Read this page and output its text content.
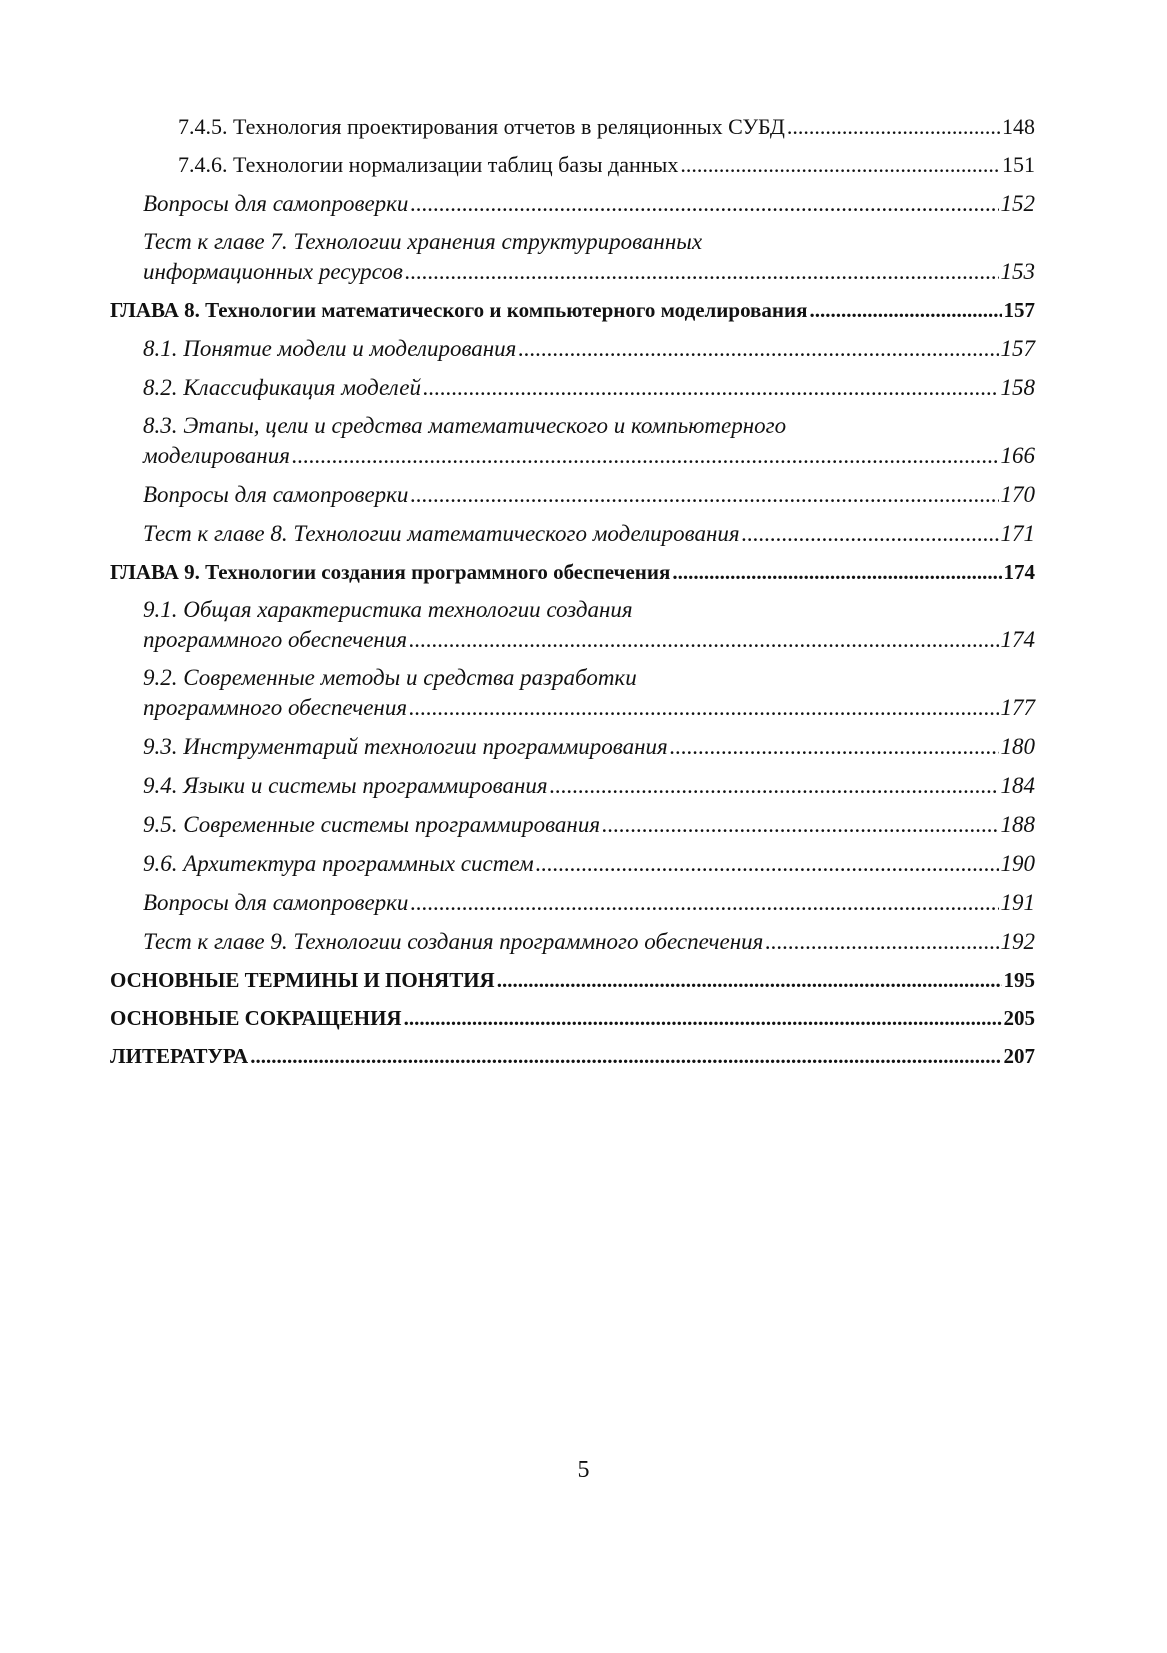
7.4.5. Технология проектирования отчетов в реляционных СУБД .....	148
7.4.6. Технологии нормализации таблиц базы данных .....	151
Вопросы для самопроверки .....	152
Тест к главе 7. Технологии хранения структурированных
информационных ресурсов .....	153
ГЛАВА 8. Технологии математического и компьютерного моделирования .....	157
8.1. Понятие модели и моделирования .....	157
8.2. Классификация моделей .....	158
8.3. Этапы, цели и средства математического и компьютерного
моделирования .....	166
Вопросы для самопроверки .....	170
Тест к главе 8. Технологии математического моделирования .....	171
ГЛАВА 9. Технологии создания программного обеспечения .....	174
9.1. Общая характеристика технологии создания
программного обеспечения .....	174
9.2. Современные методы и средства разработки
программного обеспечения .....	177
9.3. Инструментарий технологии программирования .....	180
9.4. Языки и системы программирования .....	184
9.5. Современные системы программирования .....	188
9.6. Архитектура программных систем .....	190
Вопросы для самопроверки .....	191
Тест к главе 9. Технологии создания программного обеспечения .....	192
ОСНОВНЫЕ ТЕРМИНЫ И ПОНЯТИЯ .....	195
ОСНОВНЫЕ СОКРАЩЕНИЯ .....	205
ЛИТЕРАТУРА .....	207
5
